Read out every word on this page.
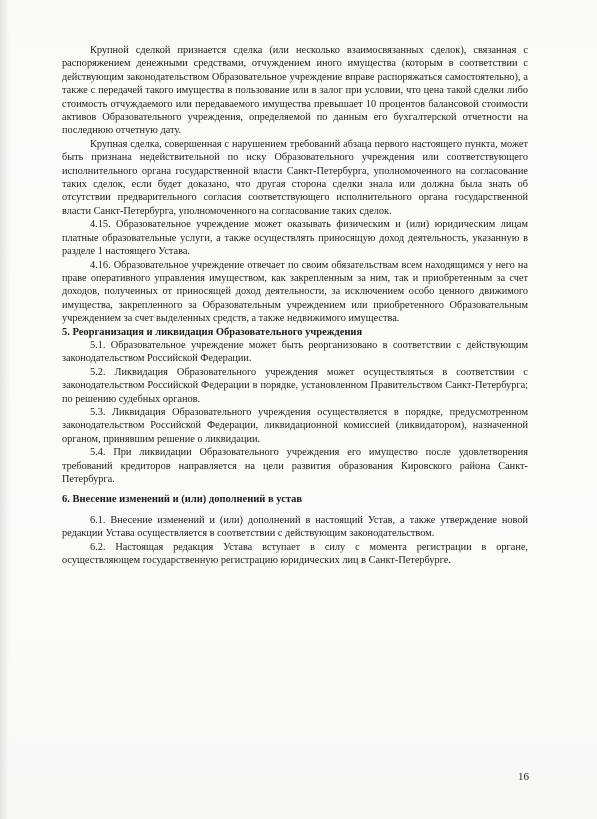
Крупной сделкой признается сделка (или несколько взаимосвязанных сделок), связанная с распоряжением денежными средствами, отчуждением иного имущества (которым в соответствии с действующим законодательством Образовательное учреждение вправе распоряжаться самостоятельно), а также с передачей такого имущества в пользование или в залог при условии, что цена такой сделки либо стоимость отчуждаемого или передаваемого имущества превышает 10 процентов балансовой стоимости активов Образовательного учреждения, определяемой по данным его бухгалтерской отчетности на последнюю отчетную дату.

Крупная сделка, совершенная с нарушением требований абзаца первого настоящего пункта, может быть признана недействительной по иску Образовательного учреждения или соответствующего исполнительного органа государственной власти Санкт-Петербурга, уполномоченного на согласование таких сделок, если будет доказано, что другая сторона сделки знала или должна была знать об отсутствии предварительного согласия соответствующего исполнительного органа государственной власти Санкт-Петербурга, уполномоченного на согласование таких сделок.

4.15. Образовательное учреждение может оказывать физическим и (или) юридическим лицам платные образовательные услуги, а также осуществлять приносящую доход деятельность, указанную в разделе 1 настоящего Устава.

4.16. Образовательное учреждение отвечает по своим обязательствам всем находящимся у него на праве оперативного управления имуществом, как закрепленным за ним, так и приобретенным за счет доходов, полученных от приносящей доход деятельности, за исключением особо ценного движимого имущества, закрепленного за Образовательным учреждением или приобретенного Образовательным учреждением за счет выделенных средств, а также недвижимого имущества.

5. Реорганизация и ликвидация Образовательного учреждения

5.1. Образовательное учреждение может быть реорганизовано в соответствии с действующим законодательством Российской Федерации.

5.2. Ликвидация Образовательного учреждения может осуществляться в соответствии с законодательством Российской Федерации в порядке, установленном Правительством Санкт-Петербурга; по решению судебных органов.

5.3. Ликвидация Образовательного учреждения осуществляется в порядке, предусмотренном законодательством Российской Федерации, ликвидационной комиссией (ликвидатором), назначенной органом, принявшим решение о ликвидации.

5.4. При ликвидации Образовательного учреждения его имущество после удовлетворения требований кредиторов направляется на цели развития образования Кировского района Санкт-Петербурга.

6. Внесение изменений и (или) дополнений в устав

6.1. Внесение изменений и (или) дополнений в настоящий Устав, а также утверждение новой редакции Устава осуществляется в соответствии с действующим законодательством.

6.2. Настоящая редакция Устава вступает в силу с момента регистрации в органе, осуществляющем государственную регистрацию юридических лиц в Санкт-Петербурге.

16
